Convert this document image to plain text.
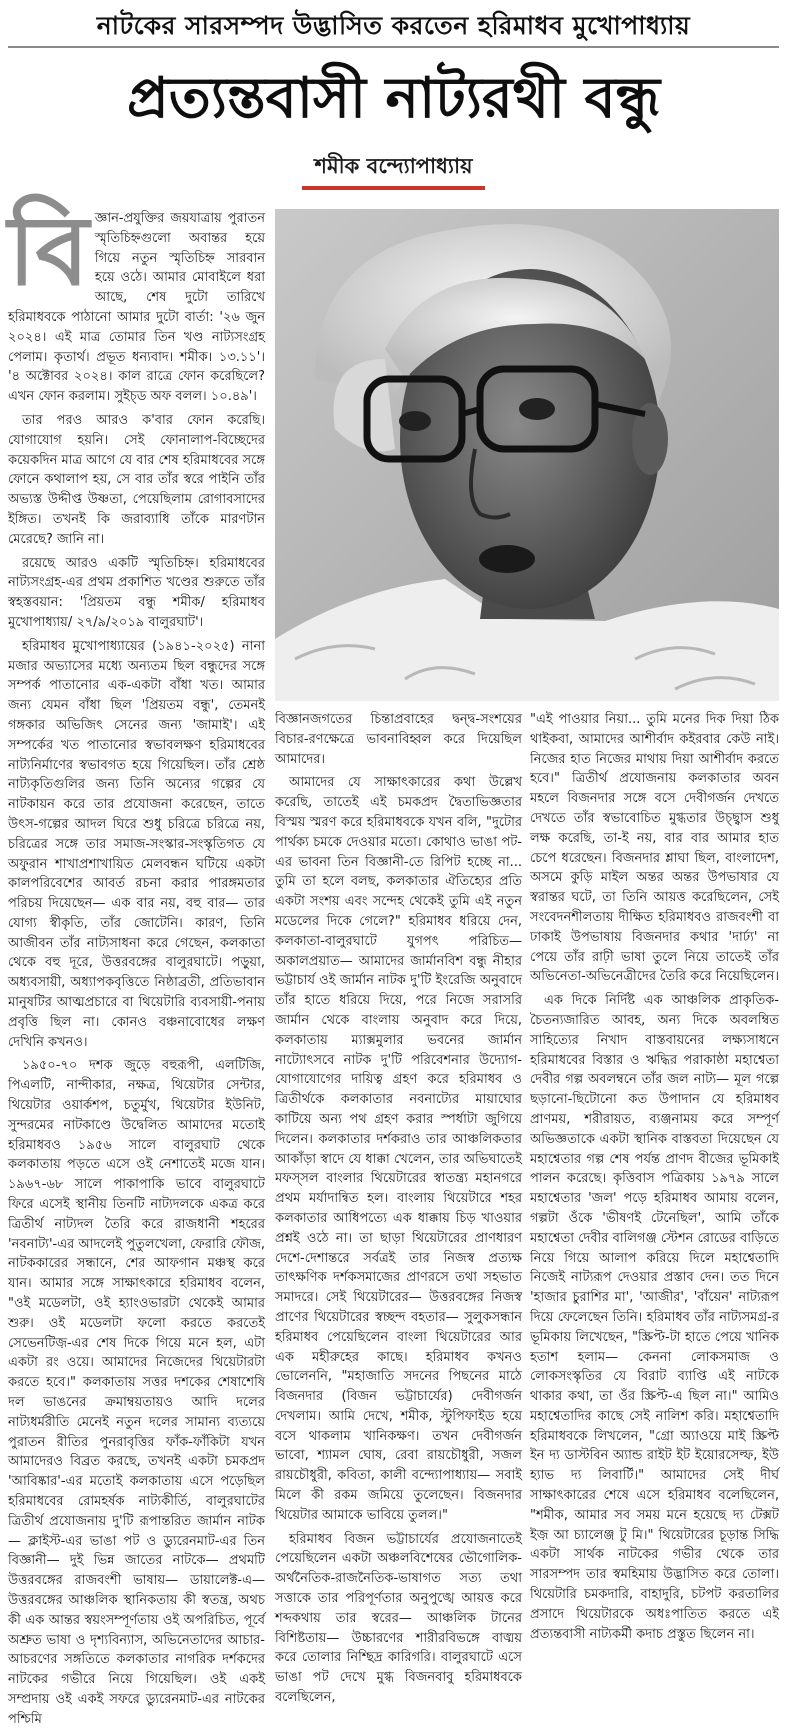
নাটকের সারসম্পদ উদ্ভাসিত করতেন হরিমাধব মুখোপাধ্যায়
প্রত্যন্তবাসী নাট্যরথী বন্ধু
শমীক বন্দ্যোপাধ্যায়
বি জ্ঞান-প্রযুক্তির জয়যাত্রায় পুরাতন স্মৃতিচিহ্নগুলো অবান্তর হয়ে গিয়ে নতুন স্মৃতিচিহ্ন সারবান হয়ে ওঠে। আমার মোবাইলে ধরা আছে, শেষ দুটো তারিখে হরিমাধবকে পাঠানো আমার দুটো বার্তা: '২৬ জুন ২০২৪। এই মাত্র তোমার তিন খণ্ড নাট্যসংগ্রহ পেলাম। কৃতার্থ। প্রভূত ধন্যবাদ। শমীক। ১৩.১১'। '৪ অক্টোবর ২০২৪। কাল রাত্রে ফোন করেছিলে? এখন ফোন করলাম। সুইচ্ড অফ বলল। ১০.৪৯'।

তার পরও আরও ক'বার ফোন করেছি। যোগাযোগ হয়নি। সেই ফোনালাপ-বিচ্ছেদের কয়েকদিন মাত্র আগে যে বার শেষ হরিমাধবের সঙ্গে ফোনে কথালাপ হয়, সে বার তাঁর স্বরে পাইনি তাঁর অভ্যস্ত উদ্দীপ্ত উষ্ণতা, পেয়েছিলাম রোগাবসাদের ইঙ্গিত। তখনই কি জরাব্যাধি তাঁকে মারণটান মেরেছে? জানি না।

রয়েছে আরও একটি স্মৃতিচিহ্ন। হরিমাধবের নাট্যসংগ্রহ-এর প্রথম প্রকাশিত খণ্ডের শুরুতে তাঁর স্বহস্তবয়ান: 'প্রিয়তম বন্ধু শমীক/ হরিমাধব মুখোপাধ্যায়/ ২৭/৯/২০১৯ বালুরঘাট'।

হরিমাধব মুখোপাধ্যায়ের (১৯৪১-২০২৫) নানা মজার অভ্যাসের মধ্যে অন্যতম ছিল বন্ধুদের সঙ্গে সম্পর্ক পাতানোর এক-একটা বাঁধা খত। আমার জন্য যেমন বাঁধা ছিল 'প্রিয়তম বন্ধু', তেমনই গঙ্গকার অভিজিৎ সেনের জন্য 'জামাই'। এই সম্পর্কের খত পাতানোর স্বভাবলক্ষণ হরিমাধবের নাট্যনির্মাণের স্বভাবগত হয়ে গিয়েছিল। তাঁর শ্রেষ্ঠ নাট্যকৃতিগুলির জন্য তিনি অন্যের গল্পের যে নাটকায়ন করে তার প্রযোজনা করেছেন, তাতে উৎস-গল্পের আদল ঘিরে শুধু চরিত্রে চরিত্রে নয়, চরিত্রের সঙ্গে তার সমাজ-সংস্কার-সংস্কৃতিগত যে অফুরান শাখাপ্রশাখায়িত মেলবন্ধন ঘটিয়ে একটা কালপরিবেশের আবর্ত রচনা করার পারঙ্গমতার পরিচয় দিয়েছেন— এক বার নয়, বহু বার— তার যোগ্য স্বীকৃতি, তাঁর জোটেনি। কারণ, তিনি আজীবন তাঁর নাট্যসাধনা করে গেছেন, কলকাতা থেকে বহু দূরে, উত্তরবঙ্গের বালুরঘাটে। পড়ুয়া, অধ্যবসায়ী, অধ্যাপকবৃত্তিতে নিষ্ঠাব্রতী, প্রতিভাবান মানুষটির আত্মপ্রচারে বা থিয়েটারি ব্যবসায়ী-পনায় প্রবৃত্তি ছিল না। কোনও বঞ্চনাবোধের লক্ষণ দেখিনি কখনও।

১৯৫০-৭০ দশক জুড়ে বহুরূপী, এলটিজি, পিএলটি, নান্দীকার, নক্ষত্র, থিয়েটার সেন্টার, থিয়েটার ওয়ার্কশপ, চতুর্মুখ, থিয়েটার ইউনিট, সুন্দরমের নাটকাণ্ডে উদ্বেলিত আমাদের মতোই হরিমাধবও ১৯৫৬ সালে বালুরঘাট থেকে কলকাতায় পড়তে এসে ওই নেশাতেই মজে যান। ১৯৬৭-৬৮ সালে পাকাপাকি ভাবে বালুরঘাটে ফিরে এসেই স্থানীয় তিনটি নাট্যদলকে একত্র করে ত্রিতীর্থ নাট্যদল তৈরি করে রাজধানী শহরের 'নবনাট্য'-এর আদলেই পুতুলখেলা, ফেরারি ফৌজ, নাটককারের সন্ধানে, শের আফগান মঞ্চস্থ করে যান। আমার সঙ্গে সাক্ষাৎকারে হরিমাধব বলেন, "ওই মডেলটা, ওই হ্যাংওভারটা থেকেই আমার শুরু। ওই মডেলটা ফলো করতে করতেই সেভেনটিজ়-এর শেষ দিকে গিয়ে মনে হল, এটা একটা রং ওয়ে। আমাদের নিজেদের থিয়েটারটা করতে হবে।" কলকাতায় সত্তর দশকের শেষাশেষি দল ভাঙনের ক্রমাম্বয়তায়ও আদি দলের নাট্যধর্মরীতি মেনেই নতুন দলের সামান্য ব্যত্যয়ে পুরাতন রীতির পুনরাবৃত্তির ফাঁক-ফাঁকিটা যখন আমাদেরও বিব্রত করছে, তখনই একটা চমকপ্রদ 'আবিষ্কার'-এর মতোই কলকাতায় এসে পড়েছিল হরিমাধবের রোমহর্ষক নাট্যকীর্তি, বালুরঘাটের ত্রিতীর্থ প্রযোজনায় দু'টি রূপান্তরিত জার্মান নাটক— ক্লাইস্ট-এর ভাঙা পট ও ড্যুরেনমাট-এর তিন বিজ্ঞানী— দুই ভিন্ন জাতের নাটকে— প্রথমটি উত্তরবঙ্গের রাজবংশী ভাষায়— ডায়ালেক্ট-এ— উত্তরবঙ্গের আঞ্চলিক স্থানিকতায় কী স্বতন্ত্র, অথচ কী এক আন্তর স্বয়ংসম্পূর্ণতায় ওই অপরিচিত, পূর্বে অশ্রুত ভাষা ও দৃশ্যবিন্যাস, অভিনেতাদের আচার-আচরণের সঙ্গতিতে কলকাতার নাগরিক দর্শকদের নাটকের গভীরে নিয়ে গিয়েছিল। ওই একই সম্প্রদায় ওই একই সফরে ড্যুরেনমাট-এর নাটকের পশ্চিমি

বিজ্ঞানজগতের চিন্তাপ্রবাহের দ্বন্দ্ব-সংশয়ের বিচার-রণক্ষেত্রে ভাবনাবিহ্বল করে দিয়েছিল আমাদের।

আমাদের যে সাক্ষাৎকারের কথা উল্লেখ করেছি, তাতেই এই চমকপ্রদ দ্বৈতাভিজ্ঞতার বিস্ময় স্মরণ করে হরিমাধবকে যখন বলি, "দুটোর পার্থক্য চমকে দেওয়ার মতো। কোথাও ভাঙা পট-এর ভাবনা তিন বিজ্ঞানী-তে রিপিট হচ্ছে না... তুমি তা হলে বলছ, কলকাতার ঐতিহ্যের প্রতি একটা সংশয় এবং সন্দেহ থেকেই তুমি এই নতুন মডেলের দিকে গেলে?" হরিমাধব ধরিয়ে দেন, কলকাতা-বালুরঘাটে যুগপৎ পরিচিত— অকালপ্রয়াত— আমাদের জার্মানবিশ বন্ধু নীহার ভট্টাচার্য ওই জার্মান নাটক দু'টি ইংরেজি অনুবাদে তাঁর হাতে ধরিয়ে দিয়ে, পরে নিজে সরাসরি জার্মান থেকে বাংলায় অনুবাদ করে দিয়ে, কলকাতায় ম্যাক্সমুলার ভবনের জার্মান নাট্যোৎসবে নাটক দু'টি পরিবেশনার উদ্যোগ-যোগাযোগের দায়িত্ব গ্রহণ করে হরিমাধব ও ত্রিতীর্থকে কলকাতার নবনাট্যের মায়াঘোর কাটিয়ে অন্য পথ গ্রহণ করার স্পর্ধাটা জুগিয়ে দিলেন। কলকাতার দর্শকরাও তার আঞ্চলিকতার আকাঁড়া স্বাদে যে ধাক্কা খেলেন, তার অভিঘাতেই মফস্সল বাংলার থিয়েটারের স্বাতন্ত্র্য মহানগরে প্রথম মর্যাদান্বিত হল। বাংলায় থিয়েটারে শহর কলকাতার আধিপত্যে এক ধাক্কায় চিড় খাওয়ার প্রশ্নই ওঠে না। তা ছাড়া থিয়েটারের প্রাণধারণ দেশে-দেশান্তরে সর্বত্রই তার নিজস্ব প্রত্যক্ষ তাৎক্ষণিক দর্শকসমাজের প্রাণরসে তথা সহভাত সমাদরে। সেই থিয়েটারের— উত্তরবঙ্গের নিজস্ব প্রাণের থিয়েটারের স্বচ্ছন্দ বহতার— সুলুকসন্ধান হরিমাধব পেয়েছিলেন বাংলা থিয়েটারের আর এক মহীরুহের কাছে। হরিমাধব কখনও ভোলেননি, "মহাজাতি সদনের পিছনের মাঠে বিজনদার (বিজন ভট্টাচার্যের) দেবীগর্জন দেখলাম। আমি দেখে, শমীক, স্টুপিফাইড হয়ে বসে থাকলাম খানিকক্ষণ। তখন দেবীগর্জন ভাবো, শ্যামল ঘোষ, রেবা রায়চৌধুরী, সজল রায়চৌধুরী, কবিতা, কালী বন্দ্যোপাধ্যায়— সবাই মিলে কী রকম জমিয়ে তুলেছেন। বিজনদার থিয়েটার আমাকে ভাবিয়ে তুলল।"

হরিমাধব বিজন ভট্টাচার্যের প্রযোজনাতেই পেয়েছিলেন একটা অঞ্চলবিশেষের ভৌগোলিক-অর্থনৈতিক-রাজনৈতিক-ভাষাগত সত্য তথা সত্তাকে তার পরিপূর্ণতার অনুপুঙ্খে আয়ত্ত করে শব্দকথায় তার স্বরের— আঞ্চলিক টানের বিশিষ্টতায়— উচ্চারণের শারীরবিভঙ্গে বাঙ্ময় করে তোলার নিশ্ছিদ্র কারিগরি। বালুরঘাটে এসে ভাঙা পট দেখে মুগ্ধ বিজনবাবু হরিমাধবকে বলেছিলেন,

"এই পাওয়ার নিয়া... তুমি মনের দিক দিয়া ঠিক থাইকবা, আমাদের আশীর্বাদ কইরবার কেউ নাই। নিজের হাত নিজের মাথায় দিয়া আশীর্বাদ করতে হবে।" ত্রিতীর্থ প্রযোজনায় কলকাতার অবন মহলে বিজনদার সঙ্গে বসে দেবীগর্জন দেখতে দেখতে তাঁর স্বভাবোচিত মুগ্ধতার উচ্ছ্বাস শুধু লক্ষ করেছি, তা-ই নয়, বার বার আমার হাত চেপে ধরেছেন। বিজনদার শ্লাঘা ছিল, বাংলাদেশ, অসমে কুড়ি মাইল অন্তর অন্তর উপভাষার যে স্বরান্তর ঘটে, তা তিনি আয়ত্ত করেছিলেন, সেই সংবেদনশীলতায় দীক্ষিত হরিমাধবও রাজবংশী বা ঢাকাই উপভাষায় বিজনদার কথার 'দার্ঢ্য' না পেয়ে তাঁর রাঢ়ী ভাষা তুলে নিয়ে তাতেই তাঁর অভিনেতা-অভিনেত্রীদের তৈরি করে নিয়েছিলেন।

এক দিকে নির্দিষ্ট এক আঞ্চলিক প্রাকৃতিক-চৈতন্যজারিত আবহ, অন্য দিকে অবলম্বিত সাহিত্যের নিখাদ বাস্তবায়নের লক্ষ্যসাধনে হরিমাধবের বিস্তার ও ঋদ্ধির পরাকাষ্ঠা মহাশ্বেতা দেবীর গল্প অবলম্বনে তাঁর জল নাট্য— মূল গল্পে ছড়ানো-ছিটোনো কত উপাদান যে হরিমাধব প্রাণময়, শরীরায়ত, ব্যঞ্জনাময় করে সম্পূর্ণ অভিজ্ঞতাকে একটা স্থানিক বাস্তবতা দিয়েছেন যে মহাশ্বেতার গল্প শেষ পর্যন্ত প্রাণদ বীজের ভূমিকাই পালন করেছে। কৃত্তিবাস পত্রিকায় ১৯৭৯ সালে মহাশ্বেতার 'জল' পড়ে হরিমাধব আমায় বলেন, গল্পটা ওঁকে 'ভীষণই টেনেছিল', আমি তাঁকে মহাশ্বেতা দেবীর বালিগঞ্জ স্টেশন রোডের বাড়িতে নিয়ে গিয়ে আলাপ করিয়ে দিলে মহাশ্বেতাদি নিজেই নাট্যরূপ দেওয়ার প্রস্তাব দেন। তত দিনে 'হাজার চুরাশির মা', 'আজীর', 'বাঁয়েন' নাট্যরূপ দিয়ে ফেলেছেন তিনি। হরিমাধব তাঁর নাট্যসমগ্র-র ভূমিকায় লিখেছেন, "স্ক্রিপ্ট-টা হাতে পেয়ে খানিক হতাশ হলাম— কেননা লোকসমাজ ও লোকসংস্কৃতির যে বিরাট ব্যাপ্তি এই নাটকে থাকার কথা, তা ওঁর স্ক্রিপ্ট-এ ছিল না।" আমিও মহাশ্বেতাদির কাছে সেই নালিশ করি। মহাশ্বেতাদি হরিমাধবকে লিখলেন, "গ্রো অ্যাওয়ে মাই স্ক্রিপ্ট ইন দ্য ডাস্টবিন অ্যান্ড রাইট ইট ইয়োরসেল্ফ, ইউ হ্যাভ দ্য লিবার্টি।" আমাদের সেই দীর্ঘ সাক্ষাৎকারের শেষে এসে হরিমাধব বলেছিলেন, "শমীক, আমার সব সময় মনে হয়েছে দ্য টেক্সট ইজ় আ চ্যালেঞ্জ টু মি।" থিয়েটারের চূড়ান্ত সিদ্ধি একটা সার্থক নাটকের গভীর থেকে তার সারসম্পদ তার স্বমহিমায় উদ্ভাসিত করে তোলা। থিয়েটারি চমকদারি, বাহাদুরি, চটপট করতালির প্রসাদে থিয়েটারকে অধঃপাতিত করতে এই প্রত্যন্তবাসী নাট্যকর্মী কদাচ প্রস্তুত ছিলেন না।
